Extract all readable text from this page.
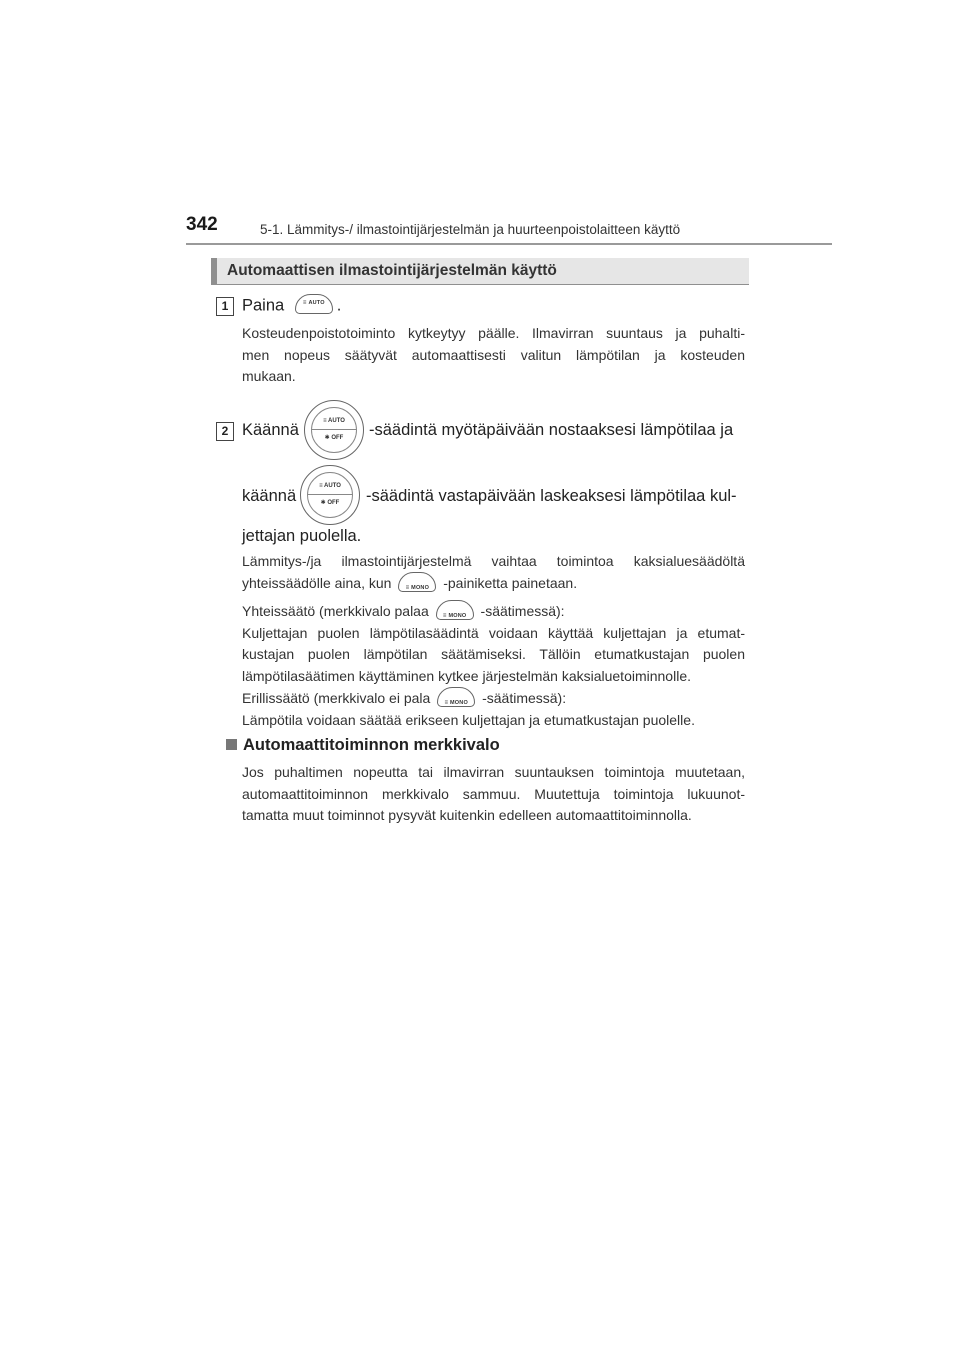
342	5-1. Lämmitys-/ ilmastointijärjestelmän ja huurteenpoistolaitteen käyttö
Automaattisen ilmastointijärjestelmän käyttö
1 Paina	≡ AUTO .
Kosteudenpoistotoiminto kytkeytyy päälle. Ilmavirran suuntaus ja puhalti-
men nopeus säätyvät automaattisesti valitun lämpötilan ja kosteuden
mukaan.
2 Käännä	≡ AUTO
✱ OFF	-säädintä myötäpäivään nostaaksesi lämpötilaa ja
käännä
≡ AUTO
✱ OFF	-säädintä vastapäivään laskeaksesi lämpötilaa kul-
jettajan puolella.
Lämmitys-/ja ilmastointijärjestelmä vaihtaa toimintoa kaksialuesäädöltä
yhteissäädölle aina, kun	≡ MONO	-painiketta painetaan.
Yhteissäätö (merkkivalo palaa	≡ MONO	-säätimessä):
Kuljettajan puolen lämpötilasäädintä voidaan käyttää kuljettajan ja etumat-
kustajan puolen lämpötilan säätämiseksi. Tällöin etumatkustajan puolen
lämpötilasäätimen käyttäminen kytkee järjestelmän kaksialuetoiminnolle.
Erillissäätö (merkkivalo ei pala	≡ MONO	-säätimessä):
Lämpötila voidaan säätää erikseen kuljettajan ja etumatkustajan puolelle.
Automaattitoiminnon merkkivalo
Jos puhaltimen nopeutta tai ilmavirran suuntauksen toimintoja muutetaan,
automaattitoiminnon merkkivalo sammuu. Muutettuja toimintoja lukuunot-
tamatta muut toiminnot pysyvät kuitenkin edelleen automaattitoiminnolla.
